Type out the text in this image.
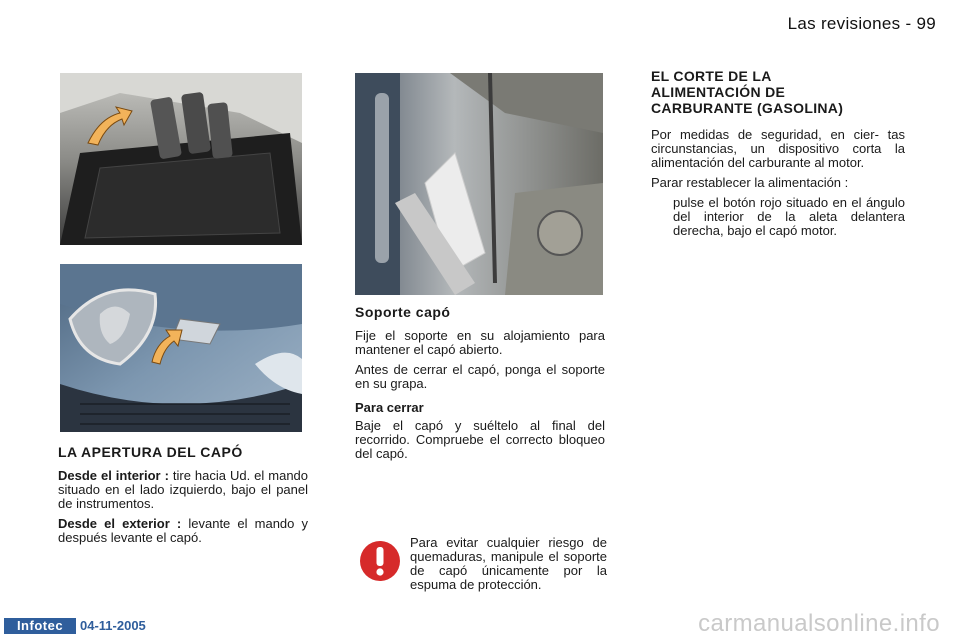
Las revisiones - 99

LA APERTURA DEL CAPÓ

Desde el interior : tire hacia Ud. el mando situado en el lado izquierdo, bajo el panel de instrumentos.

Desde el exterior : levante el mando y después levante el capó.

Soporte capó

Fije el soporte en su alojamiento para mantener el capó abierto.

Antes de cerrar el capó, ponga el soporte en su grapa.

Para cerrar

Baje el capó y suéltelo al final del recorrido. Compruebe el correcto bloqueo del capó.

Para evitar cualquier riesgo de quemaduras, manipule el soporte de capó únicamente por la espuma de protección.

EL CORTE DE LA ALIMENTACIÓN DE CARBURANTE (GASOLINA)

Por medidas de seguridad, en cier- tas circunstancias, un dispositivo corta la alimentación del carburante al motor.

Parar restablecer la alimentación :

pulse el botón rojo situado en el ángulo del interior de la aleta delantera derecha, bajo el capó motor.
Infotec	04-11-2005	carmanualsonline.info
